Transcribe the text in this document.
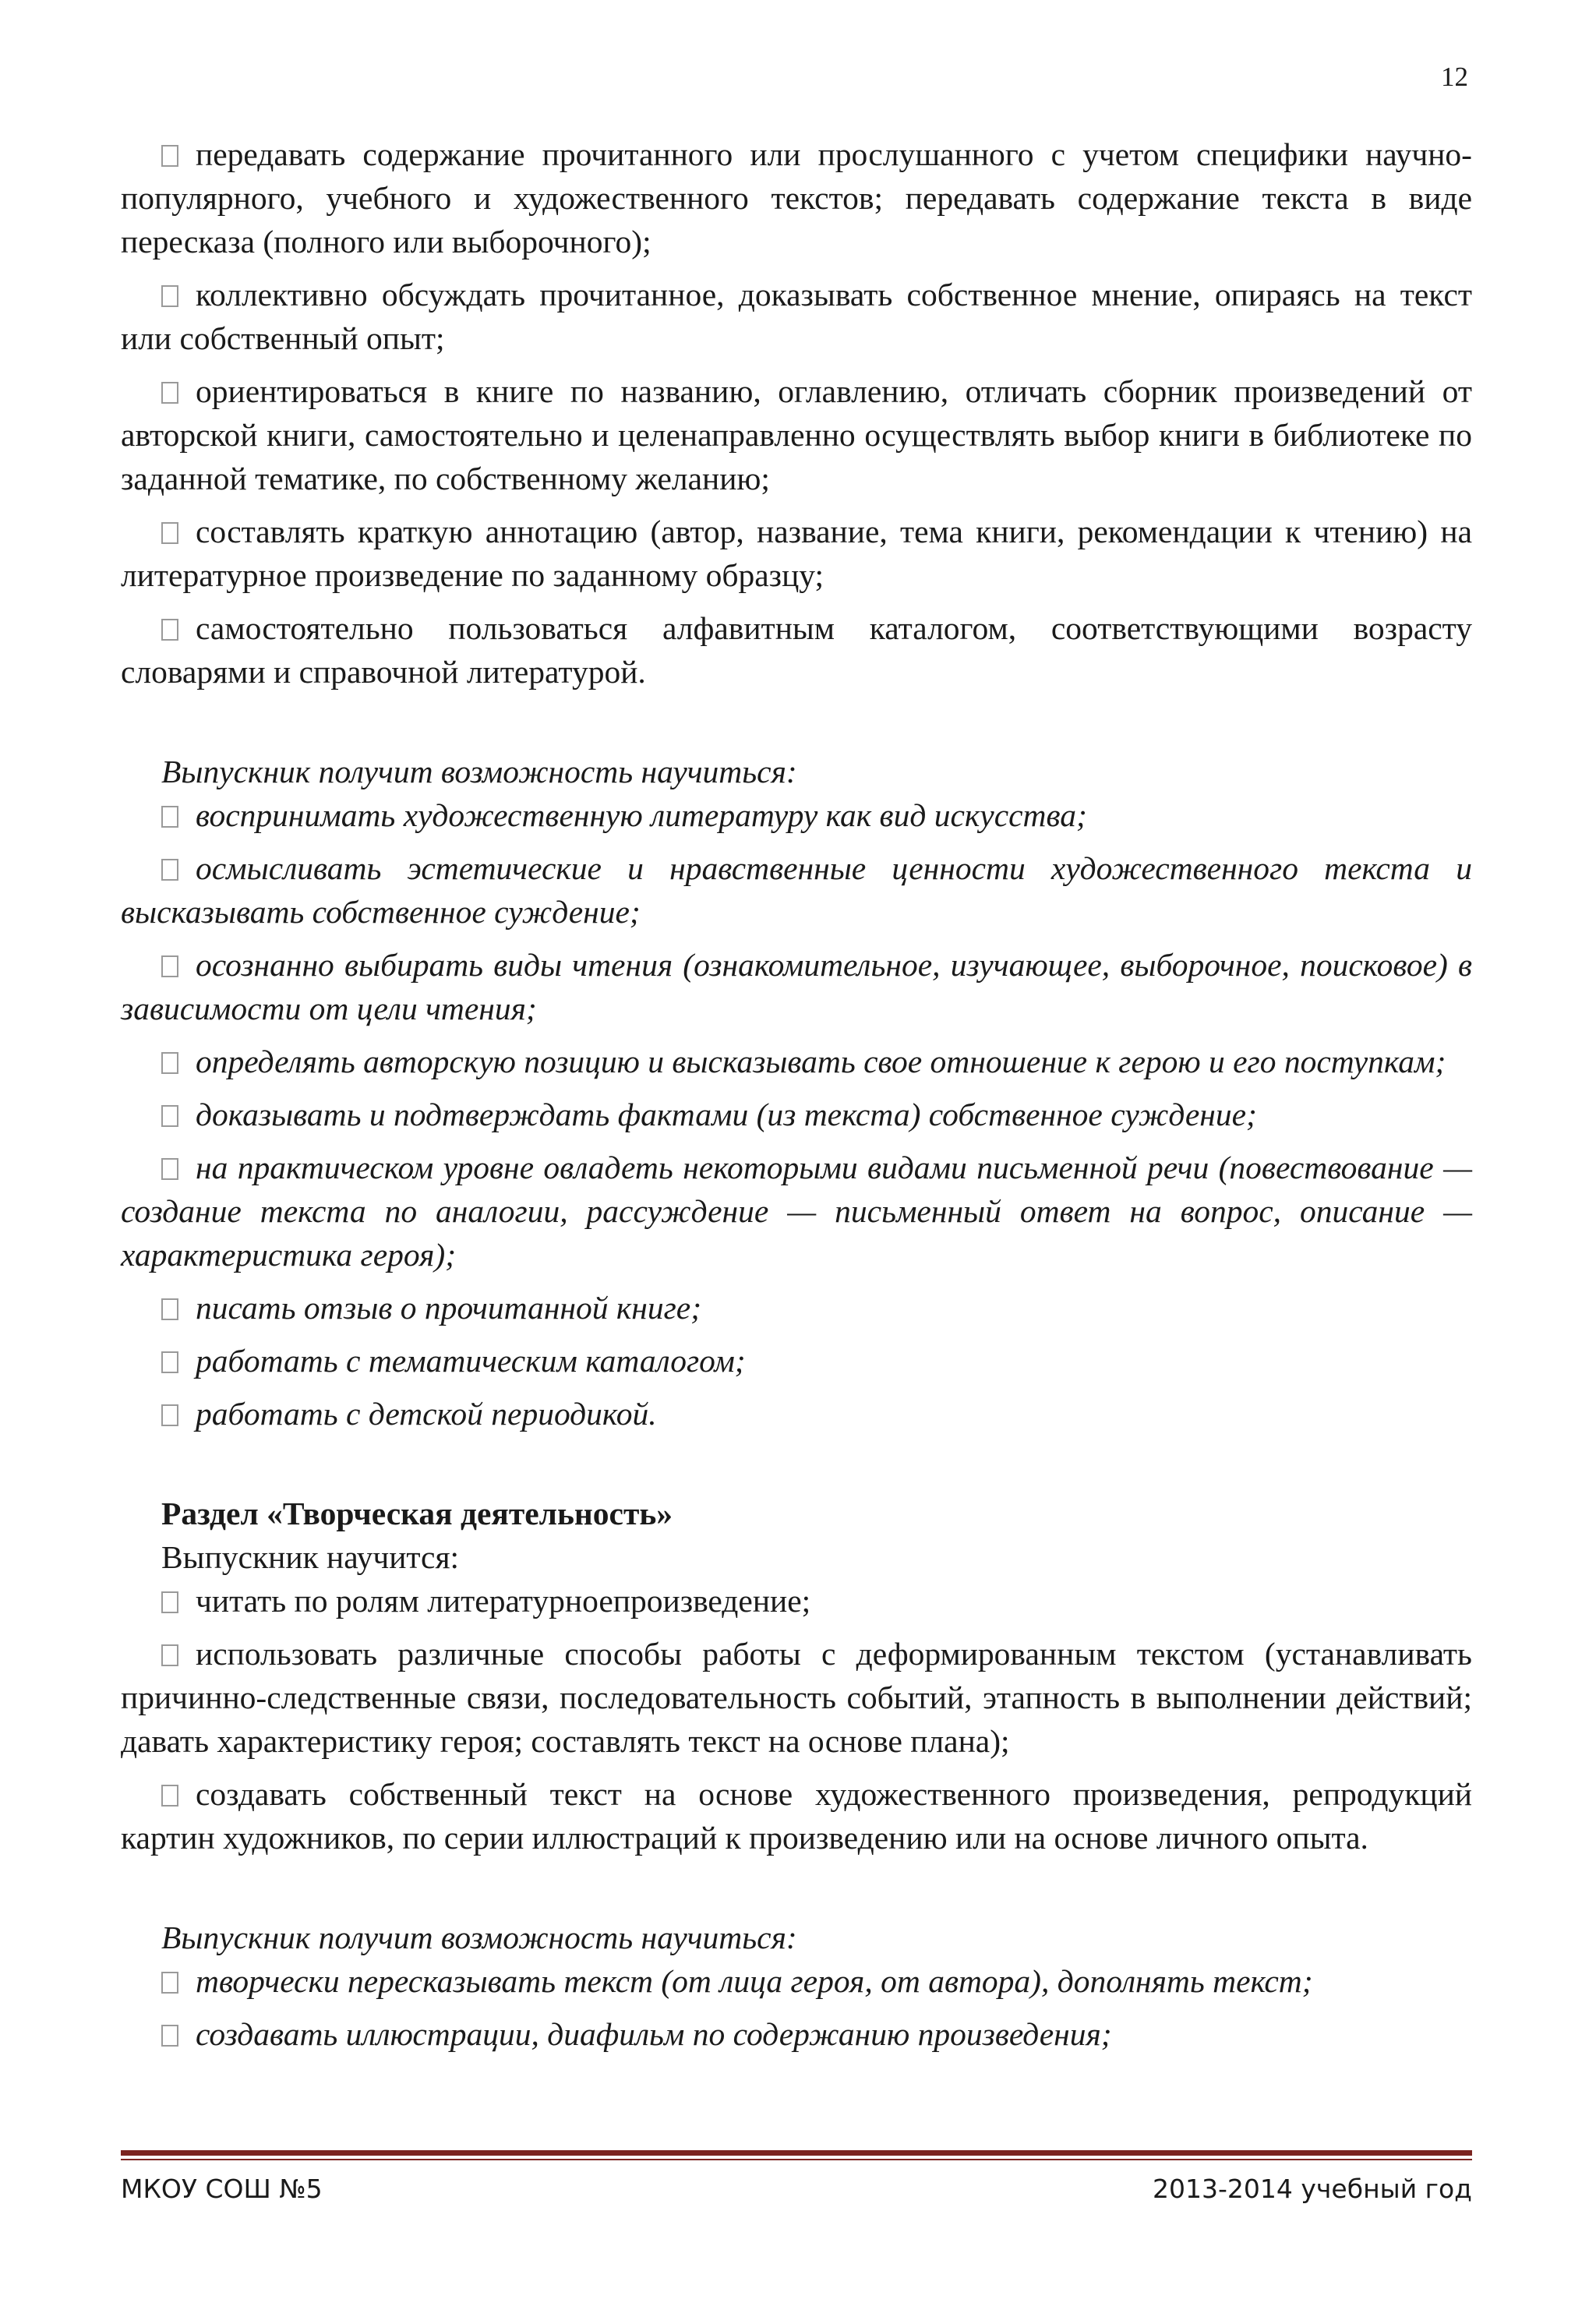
12

передавать содержание прочитанного или прослушанного с учетом специфики научно-популярного, учебного и художественного текстов; передавать содержание текста в виде пересказа (полного или выборочного);

коллективно обсуждать прочитанное, доказывать собственное мнение, опираясь на текст или собственный опыт;

ориентироваться в книге по названию, оглавлению, отличать сборник произведений от авторской книги, самостоятельно и целенаправленно осуществлять выбор книги в библиотеке по заданной тематике, по собственному желанию;

составлять краткую аннотацию (автор, название, тема книги, рекомендации к чтению) на литературное произведение по заданному образцу;

самостоятельно пользоваться алфавитным каталогом, соответствующими возрасту словарями и справочной литературой.

Выпускник получит возможность научиться:

воспринимать художественную литературу как вид искусства;

осмысливать эстетические и нравственные ценности художественного текста и высказывать собственное суждение;

осознанно выбирать виды чтения (ознакомительное, изучающее, выборочное, поисковое) в зависимости от цели чтения;

определять авторскую позицию и высказывать свое отношение к герою и его поступкам;

доказывать и подтверждать фактами (из текста) собственное суждение;

на практическом уровне овладеть некоторыми видами письменной речи (повествование — создание текста по аналогии, рассуждение — письменный ответ на вопрос, описание — характеристика героя);

писать отзыв о прочитанной книге;

работать с тематическим каталогом;

работать с детской периодикой.

Раздел «Творческая деятельность»

Выпускник научится:

читать по ролям литературноепроизведение;

использовать различные способы работы с деформированным текстом (устанавливать причинно-следственные связи, последовательность событий, этапность в выполнении действий; давать характеристику героя; составлять текст на основе плана);

создавать собственный текст на основе художественного произведения, репродукций картин художников, по серии иллюстраций к произведению или на основе личного опыта.

Выпускник получит возможность научиться:

творчески пересказывать текст (от лица героя, от автора), дополнять текст;

создавать иллюстрации, диафильм по содержанию произведения;

МКОУ СОШ №5	2013-2014 учебный год
